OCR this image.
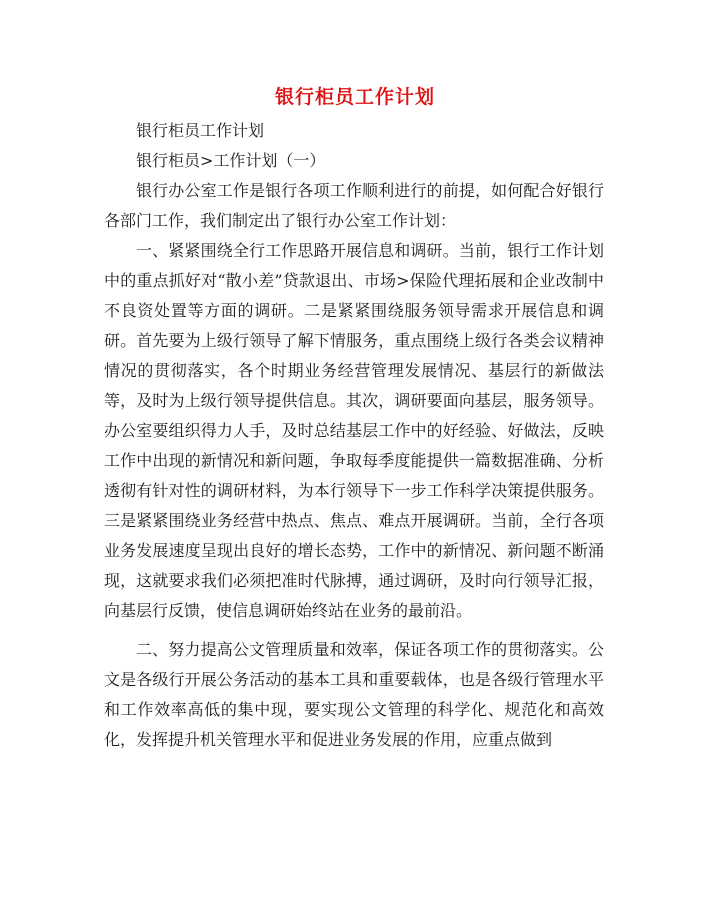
银行柜员工作计划

银行柜员工作计划

银行柜员>工作计划（一）

银行办公室工作是银行各项工作顺利进行的前提，如何配合好银行各部门工作，我们制定出了银行办公室工作计划：

一、紧紧围绕全行工作思路开展信息和调研。当前，银行工作计划中的重点抓好对“散小差”贷款退出、市场>保险代理拓展和企业改制中不良资处置等方面的调研。二是紧紧围绕服务领导需求开展信息和调研。首先要为上级行领导了解下情服务，重点围绕上级行各类会议精神情况的贯彻落实，各个时期业务经营管理发展情况、基层行的新做法等，及时为上级行领导提供信息。其次，调研要面向基层，服务领导。办公室要组织得力人手，及时总结基层工作中的好经验、好做法，反映工作中出现的新情况和新问题，争取每季度能提供一篇数据准确、分析透彻有针对性的调研材料，为本行领导下一步工作科学决策提供服务。三是紧紧围绕业务经营中热点、焦点、难点开展调研。当前，全行各项业务发展速度呈现出良好的增长态势，工作中的新情况、新问题不断涌现，这就要求我们必须把准时代脉搏，通过调研，及时向行领导汇报，向基层行反馈，使信息调研始终站在业务的最前沿。

二、努力提高公文管理质量和效率，保证各项工作的贯彻落实。公文是各级行开展公务活动的基本工具和重要载体，也是各级行管理水平和工作效率高低的集中现，要实现公文管理的科学化、规范化和高效化，发挥提升机关管理水平和促进业务发展的作用，应重点做到
